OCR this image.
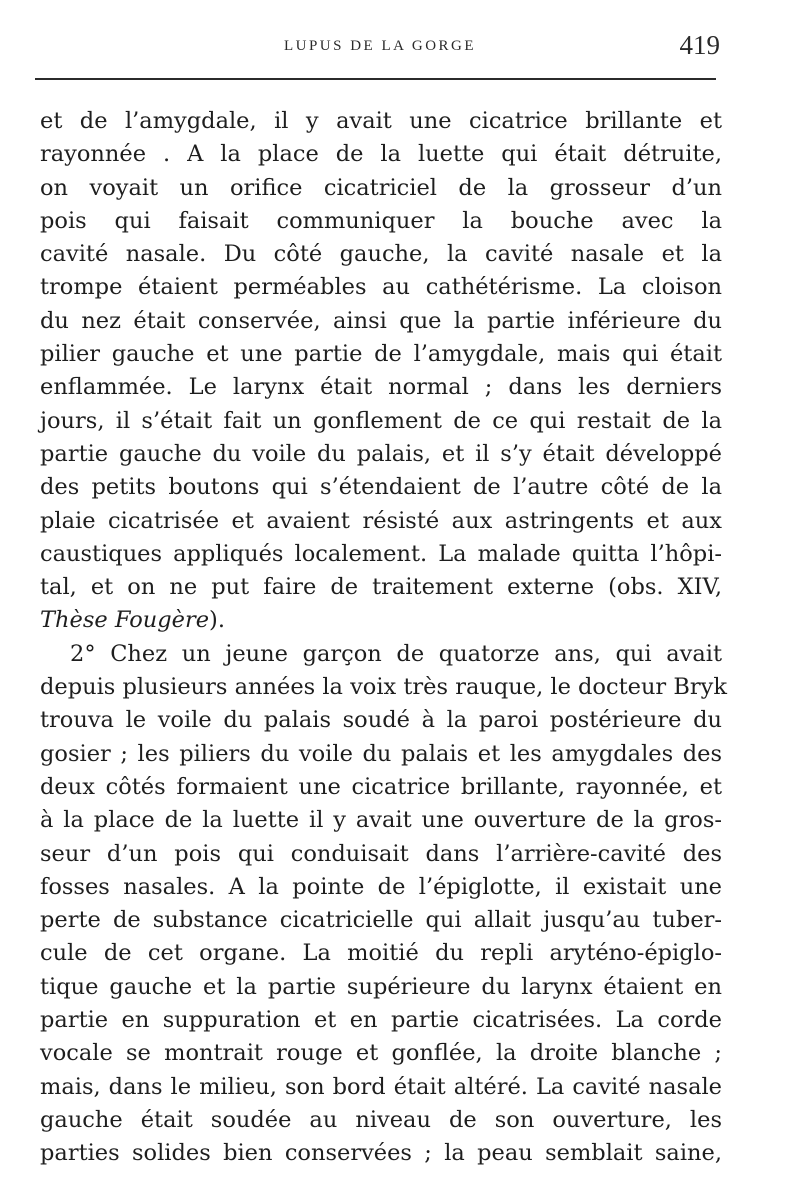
LUPUS DE LA GORGE	419
et de l’amygdale, il y avait une cicatrice brillante et
rayonnée . A la place de la luette qui était détruite,
on voyait un orifice cicatriciel de la grosseur d’un
pois qui faisait communiquer la bouche avec la
cavité nasale. Du côté gauche, la cavité nasale et la
trompe étaient perméables au cathétérisme. La cloison
du nez était conservée, ainsi que la partie inférieure du
pilier gauche et une partie de l’amygdale, mais qui était
enflammée. Le larynx était normal ; dans les derniers
jours, il s’était fait un gonflement de ce qui restait de la
partie gauche du voile du palais, et il s’y était développé
des petits boutons qui s’étendaient de l’autre côté de la
plaie cicatrisée et avaient résisté aux astringents et aux
caustiques appliqués localement. La malade quitta l’hôpi-
tal, et on ne put faire de traitement externe (obs. XIV,
Thèse Fougère).
2° Chez un jeune garçon de quatorze ans, qui avait
depuis plusieurs années la voix très rauque, le docteur Bryk
trouva le voile du palais soudé à la paroi postérieure du
gosier ; les piliers du voile du palais et les amygdales des
deux côtés formaient une cicatrice brillante, rayonnée, et
à la place de la luette il y avait une ouverture de la gros-
seur d’un pois qui conduisait dans l’arrière-cavité des
fosses nasales. A la pointe de l’épiglotte, il existait une
perte de substance cicatricielle qui allait jusqu’au tuber-
cule de cet organe. La moitié du repli aryténo-épiglo-
tique gauche et la partie supérieure du larynx étaient en
partie en suppuration et en partie cicatrisées. La corde
vocale se montrait rouge et gonflée, la droite blanche ;
mais, dans le milieu, son bord était altéré. La cavité nasale
gauche était soudée au niveau de son ouverture, les
parties solides bien conservées ; la peau semblait saine,
